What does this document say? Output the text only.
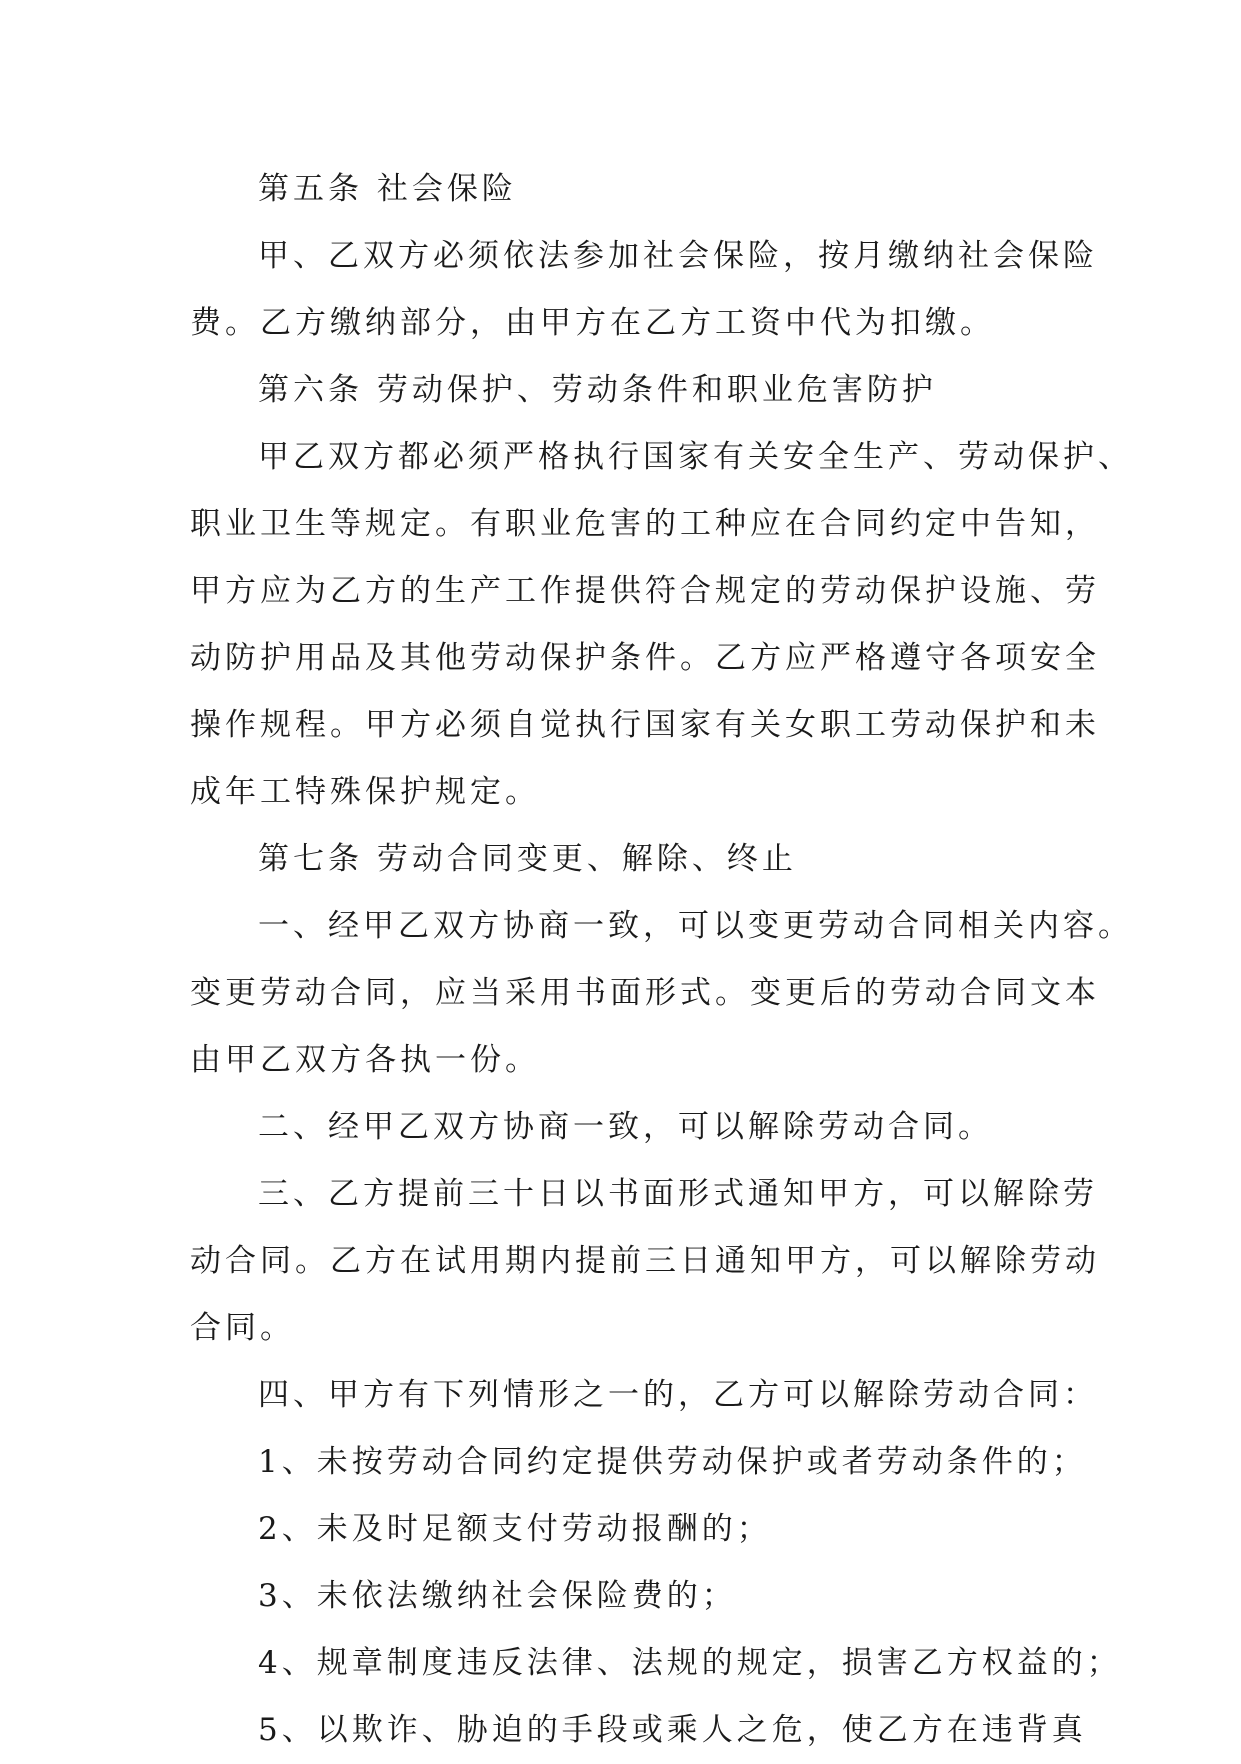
第五条 社会保险
甲、乙双方必须依法参加社会保险，按月缴纳社会保险
费。乙方缴纳部分，由甲方在乙方工资中代为扣缴。
第六条 劳动保护、劳动条件和职业危害防护
甲乙双方都必须严格执行国家有关安全生产、劳动保护、
职业卫生等规定。有职业危害的工种应在合同约定中告知，
甲方应为乙方的生产工作提供符合规定的劳动保护设施、劳
动防护用品及其他劳动保护条件。乙方应严格遵守各项安全
操作规程。甲方必须自觉执行国家有关女职工劳动保护和未
成年工特殊保护规定。
第七条 劳动合同变更、解除、终止
一、经甲乙双方协商一致，可以变更劳动合同相关内容。
变更劳动合同，应当采用书面形式。变更后的劳动合同文本
由甲乙双方各执一份。
二、经甲乙双方协商一致，可以解除劳动合同。
三、乙方提前三十日以书面形式通知甲方，可以解除劳
动合同。乙方在试用期内提前三日通知甲方，可以解除劳动
合同。
四、甲方有下列情形之一的，乙方可以解除劳动合同：
1、未按劳动合同约定提供劳动保护或者劳动条件的；
2、未及时足额支付劳动报酬的；
3、未依法缴纳社会保险费的；
4、规章制度违反法律、法规的规定，损害乙方权益的；
5、以欺诈、胁迫的手段或乘人之危，使乙方在违背真
